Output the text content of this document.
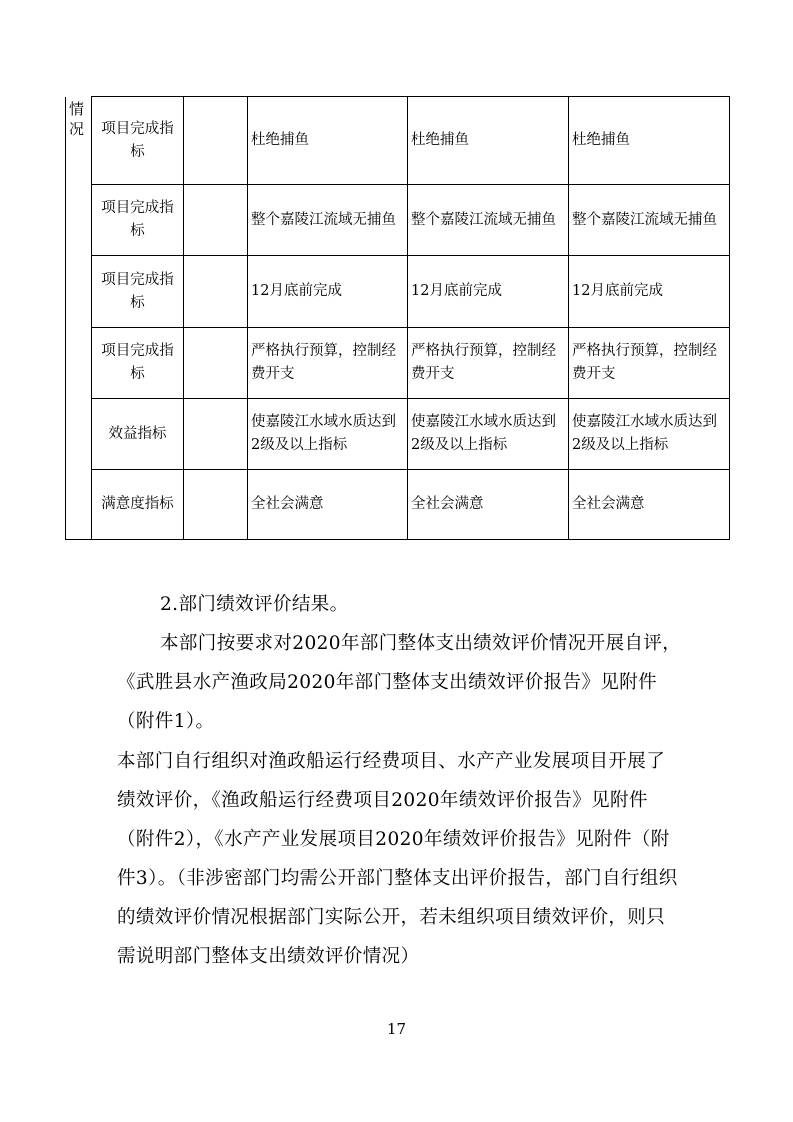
情况	项目完成指标		杜绝捕鱼	杜绝捕鱼	杜绝捕鱼
	项目完成指标		整个嘉陵江流域无捕鱼	整个嘉陵江流域无捕鱼	整个嘉陵江流域无捕鱼
	项目完成指标		12月底前完成	12月底前完成	12月底前完成
	项目完成指标		严格执行预算，控制经费开支	严格执行预算，控制经费开支	严格执行预算，控制经费开支
	效益指标		使嘉陵江水域水质达到2级及以上指标	使嘉陵江水域水质达到2级及以上指标	使嘉陵江水域水质达到2级及以上指标
	满意度指标		全社会满意	全社会满意	全社会满意

2.部门绩效评价结果。

本部门按要求对2020年部门整体支出绩效评价情况开展自评，《武胜县水产渔政局2020年部门整体支出绩效评价报告》见附件（附件1）。

本部门自行组织对渔政船运行经费项目、水产产业发展项目开展了绩效评价，《渔政船运行经费项目2020年绩效评价报告》见附件（附件2），《水产产业发展项目2020年绩效评价报告》见附件（附件3）。（非涉密部门均需公开部门整体支出评价报告，部门自行组织的绩效评价情况根据部门实际公开，若未组织项目绩效评价，则只需说明部门整体支出绩效评价情况）

17
